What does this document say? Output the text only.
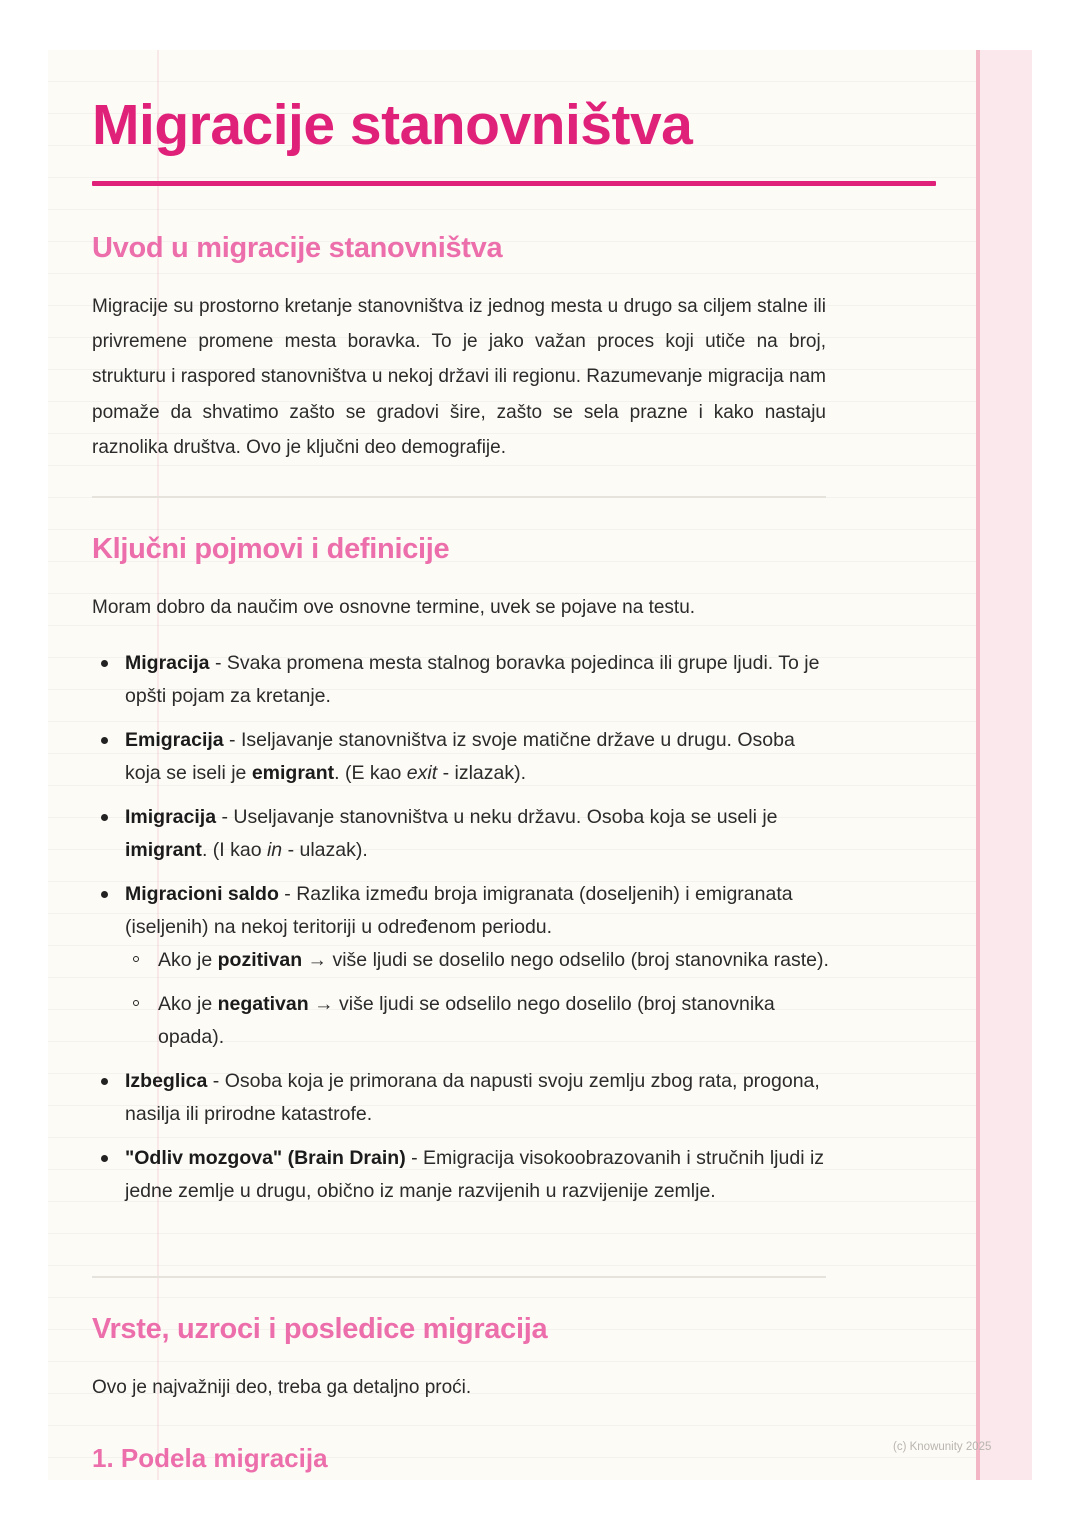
Migracije stanovništva
Uvod u migracije stanovništva

Migracije su prostorno kretanje stanovništva iz jednog mesta u drugo sa ciljem stalne ili privremene promene mesta boravka. To je jako važan proces koji utiče na broj, strukturu i raspored stanovništva u nekoj državi ili regionu. Razumevanje migracija nam pomaže da shvatimo zašto se gradovi šire, zašto se sela prazne i kako nastaju raznolika društva. Ovo je ključni deo demografije.

Ključni pojmovi i definicije

Moram dobro da naučim ove osnovne termine, uvek se pojave na testu.

Migracija - Svaka promena mesta stalnog boravka pojedinca ili grupe ljudi. To je opšti pojam za kretanje.
Emigracija - Iseljavanje stanovništva iz svoje matične države u drugu. Osoba koja se iseli je emigrant. (E kao exit - izlazak).
Imigracija - Useljavanje stanovništva u neku državu. Osoba koja se useli je imigrant. (I kao in - ulazak).
Migracioni saldo - Razlika između broja imigranata (doseljenih) i emigranata (iseljenih) na nekoj teritoriji u određenom periodu.
Ako je pozitivan → više ljudi se doselilo nego odselilo (broj stanovnika raste).
Ako je negativan → više ljudi se odselilo nego doselilo (broj stanovnika opada).
Izbeglica - Osoba koja je primorana da napusti svoju zemlju zbog rata, progona, nasilja ili prirodne katastrofe.
"Odliv mozgova" (Brain Drain) - Emigracija visokoobrazovanih i stručnih ljudi iz jedne zemlje u drugu, obično iz manje razvijenih u razvijenije zemlje.
Vrste, uzroci i posledice migracija

Ovo je najvažniji deo, treba ga detaljno proći.

1. Podela migracija	(c) Knowunity 2025
